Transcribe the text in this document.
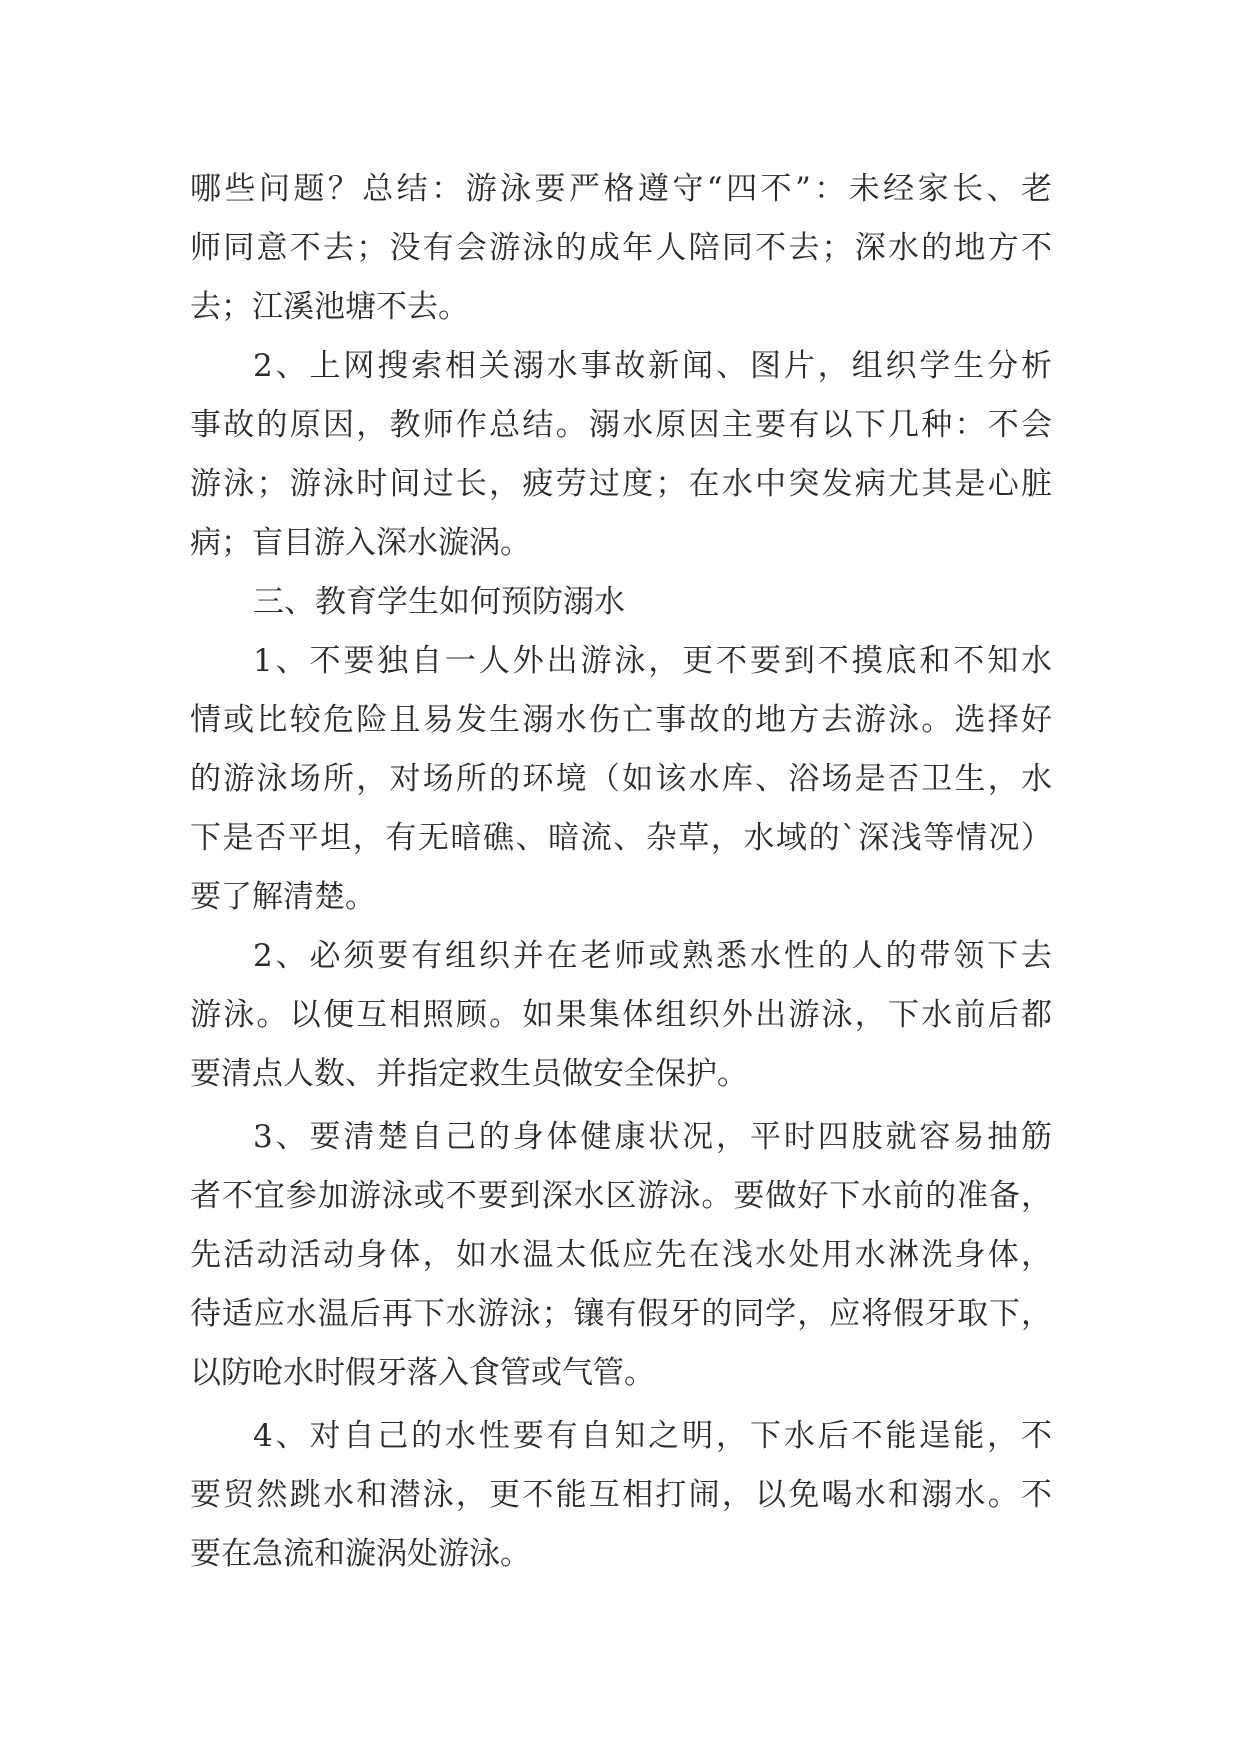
哪些问题？总结：游泳要严格遵守“四不”：未经家长、老
师同意不去；没有会游泳的成年人陪同不去；深水的地方不
去；江溪池塘不去。
2、上网搜索相关溺水事故新闻、图片，组织学生分析
事故的原因，教师作总结。溺水原因主要有以下几种：不会
游泳；游泳时间过长，疲劳过度；在水中突发病尤其是心脏
病；盲目游入深水漩涡。
三、教育学生如何预防溺水
1、不要独自一人外出游泳，更不要到不摸底和不知水
情或比较危险且易发生溺水伤亡事故的地方去游泳。选择好
的游泳场所，对场所的环境（如该水库、浴场是否卫生，水
下是否平坦，有无暗礁、暗流、杂草，水域的`深浅等情况）
要了解清楚。
2、必须要有组织并在老师或熟悉水性的人的带领下去
游泳。以便互相照顾。如果集体组织外出游泳，下水前后都
要清点人数、并指定救生员做安全保护。
3、要清楚自己的身体健康状况，平时四肢就容易抽筋
者不宜参加游泳或不要到深水区游泳。要做好下水前的准备，
先活动活动身体，如水温太低应先在浅水处用水淋洗身体，
待适应水温后再下水游泳；镶有假牙的同学，应将假牙取下，
以防呛水时假牙落入食管或气管。
4、对自己的水性要有自知之明，下水后不能逞能，不
要贸然跳水和潜泳，更不能互相打闹，以免喝水和溺水。不
要在急流和漩涡处游泳。
